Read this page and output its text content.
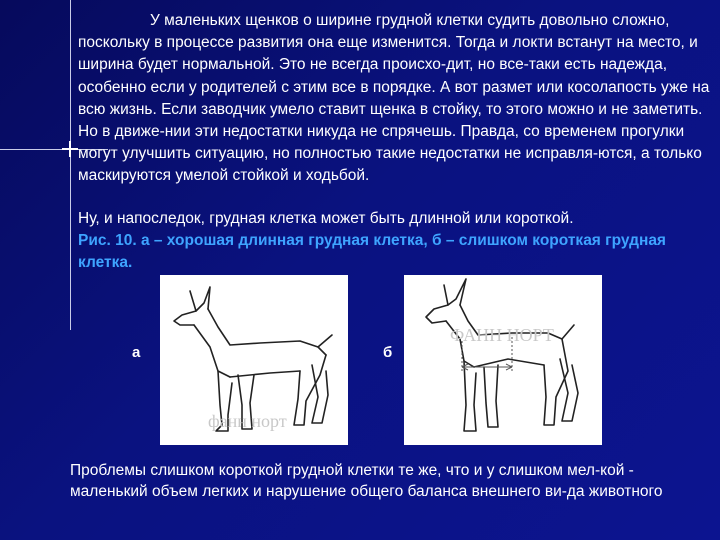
У маленьких щенков о ширине грудной клетки судить довольно сложно, поскольку в процессе развития она еще изменится. Тогда и локти встанут на место, и ширина будет нормальной. Это не всегда происхо-дит, но все-таки есть надежда, особенно если у родителей с этим все в порядке. А вот размет или косолапость уже на всю жизнь. Если заводчик умело ставит щенка в стойку, то этого можно и не заметить. Но в движе-нии эти недостатки никуда не спрячешь. Правда, со временем прогулки могут улучшить ситуацию, но полностью такие недостатки не исправля-ются, а только маскируются умелой стойкой и ходьбой.

Ну, и напоследок, грудная клетка может быть длинной или короткой.

Рис. 10. а – хорошая длинная грудная клетка, б – слишком короткая грудная клетка.

фанн норт
ФАНН НОРТ

а	б

Проблемы слишком короткой грудной клетки те же, что и у слишком мел-кой - маленький объем легких и нарушение общего баланса внешнего ви-да животного
